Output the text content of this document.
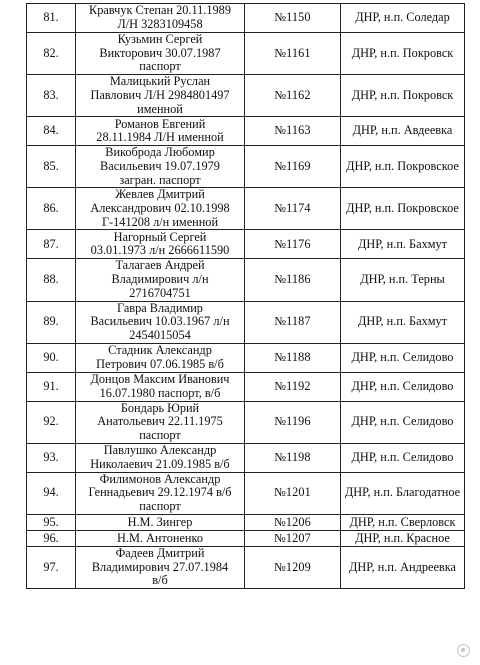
81.	Кравчук Степан 20.11.1989
Л/Н 3283109458	№1150	ДНР, н.п. Соледар
82.	Кузьмин Сергей
Викторович 30.07.1987
паспорт	№1161	ДНР, н.п. Покровск
83.	Малицький Руслан
Павлович Л/Н 2984801497
именной	№1162	ДНР, н.п. Покровск
84.	Романов Евгений
28.11.1984 Л/Н именной	№1163	ДНР, н.п. Авдеевка
85.	Викоброда Любомир
Васильевич 19.07.1979
загран. паспорт	№1169	ДНР, н.п. Покровское
86.	Жевлев Дмитрий
Александрович 02.10.1998
Г-141208 л/н именной	№1174	ДНР, н.п. Покровское
87.	Нагорный Сергей
03.01.1973 л/н 2666611590	№1176	ДНР, н.п. Бахмут
88.	Талагаев Андрей
Владимирович л/н
2716704751	№1186	ДНР, н.п. Терны
89.	Гавра Владимир
Васильевич 10.03.1967 л/н
2454015054	№1187	ДНР, н.п. Бахмут
90.	Стадник Александр
Петрович 07.06.1985 в/б	№1188	ДНР, н.п. Селидово
91.	Донцов Максим Иванович
16.07.1980 паспорт, в/б	№1192	ДНР, н.п. Селидово
92.	Бондарь Юрий
Анатольевич 22.11.1975
паспорт	№1196	ДНР, н.п. Селидово
93.	Павлушко Александр
Николаевич 21.09.1985 в/б	№1198	ДНР, н.п. Селидово
94.	Филимонов Александр
Геннадьевич 29.12.1974 в/б
паспорт	№1201	ДНР, н.п. Благодатное
95.	Н.М. Зингер	№1206	ДНР, н.п. Сверловск
96.	Н.М. Антоненко	№1207	ДНР, н.п. Красное
97.	Фадеев Дмитрий
Владимирович 27.07.1984
в/б	№1209	ДНР, н.п. Андреевка
